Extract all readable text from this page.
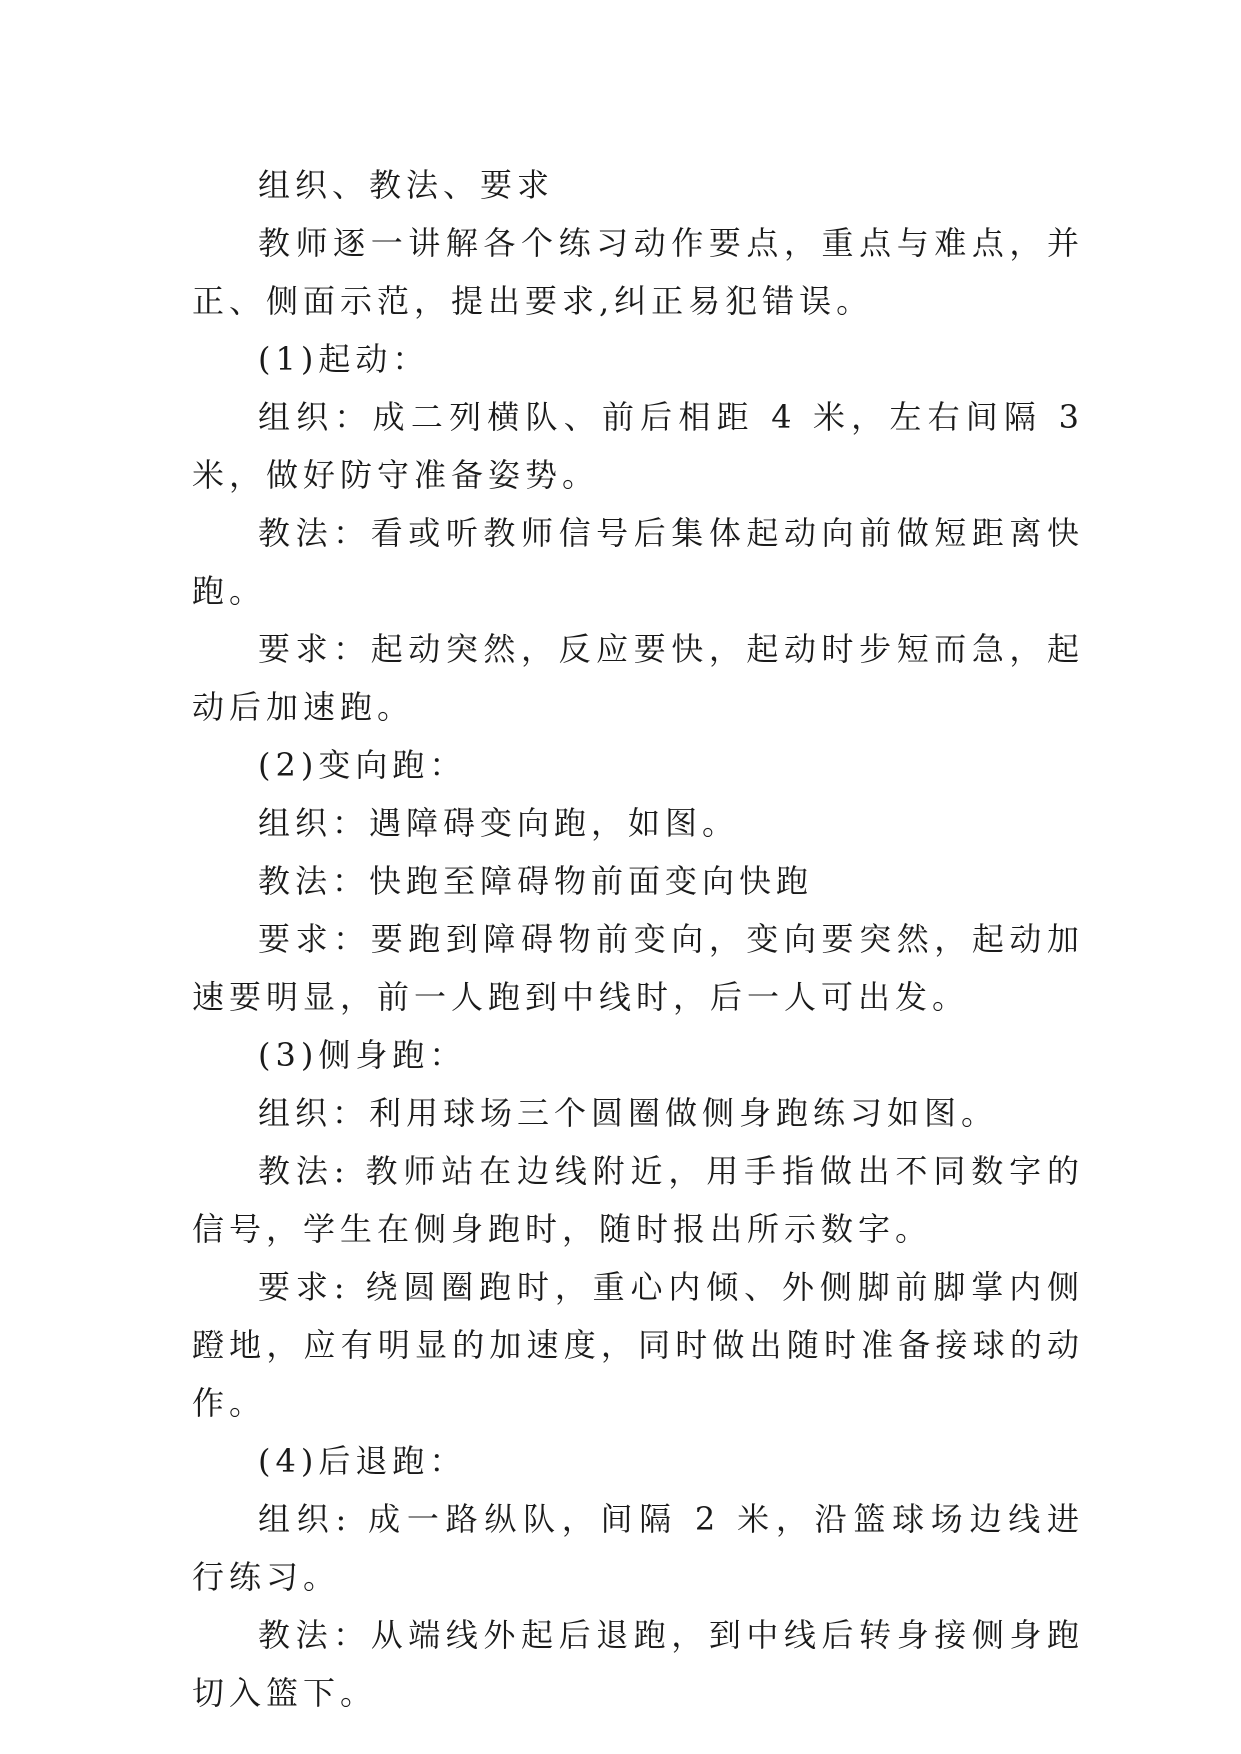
组织、教法、要求

教师逐一讲解各个练习动作要点，重点与难点，并正、侧面示范，提出要求,纠正易犯错误。

(1)起动：

组织：成二列横队、前后相距 4 米，左右间隔 3 米，做好防守准备姿势。

教法：看或听教师信号后集体起动向前做短距离快跑。

要求：起动突然，反应要快，起动时步短而急，起动后加速跑。

(2)变向跑：

组织：遇障碍变向跑，如图。

教法：快跑至障碍物前面变向快跑

要求：要跑到障碍物前变向，变向要突然，起动加速要明显，前一人跑到中线时，后一人可出发。

(3)侧身跑：

组织：利用球场三个圆圈做侧身跑练习如图。

教法: 教师站在边线附近，用手指做出不同数字的信号，学生在侧身跑时，随时报出所示数字。

要求: 绕圆圈跑时，重心内倾、外侧脚前脚掌内侧蹬地，应有明显的加速度，同时做出随时准备接球的动作。

(4)后退跑：

组织: 成一路纵队，间隔 2 米，沿篮球场边线进行练习。

教法：从端线外起后退跑，到中线后转身接侧身跑切入篮下。
